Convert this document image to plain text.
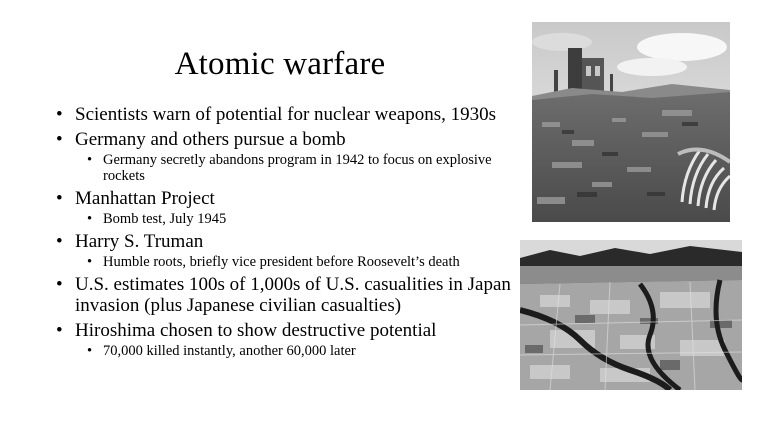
Atomic warfare
• Scientists warn of potential for nuclear weapons, 1930s
• Germany and others pursue a bomb
• Germany secretly abandons program in 1942 to focus on explosive rockets
• Manhattan Project
• Bomb test, July 1945
• Harry S. Truman
• Humble roots, briefly vice president before Roosevelt’s death
• U.S. estimates 100s of 1,000s of U.S. casualities in Japan invasion (plus Japanese civilian casualties)
• Hiroshima chosen to show destructive potential
• 70,000 killed instantly, another 60,000 later
